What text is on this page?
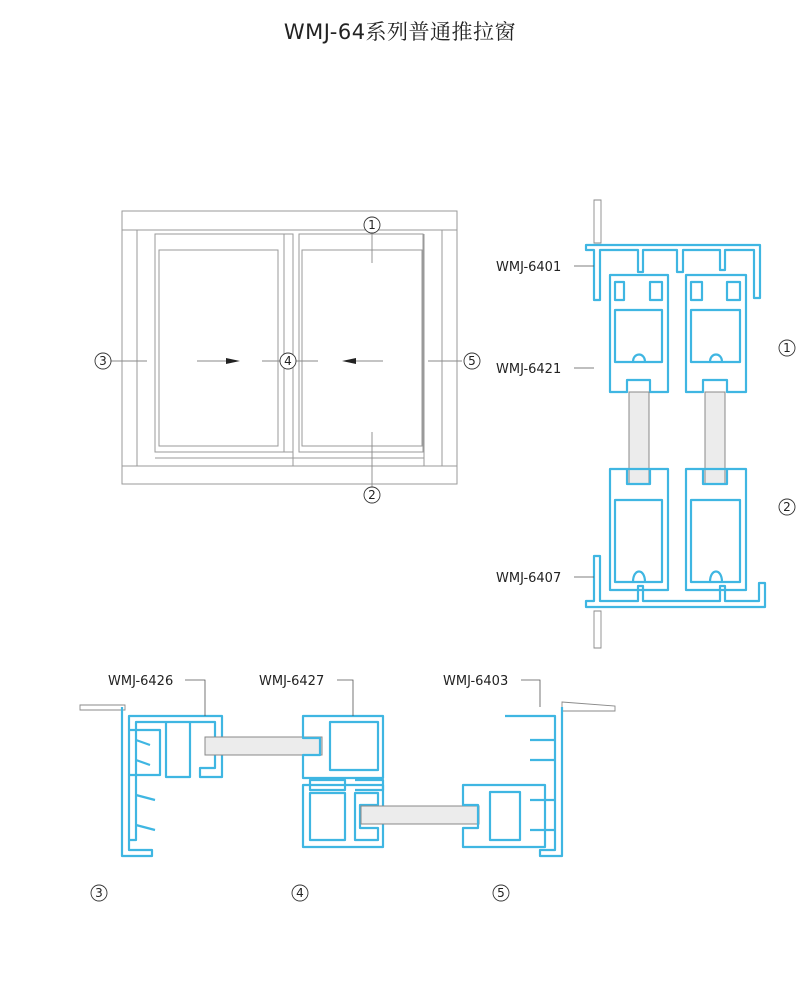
WMJ-64系列普通推拉窗
1
2
3	4	5
WMJ-6401
WMJ-6421
WMJ-6407
1
2
WMJ-6426	WMJ-6427	WMJ-6403
3	4	5
